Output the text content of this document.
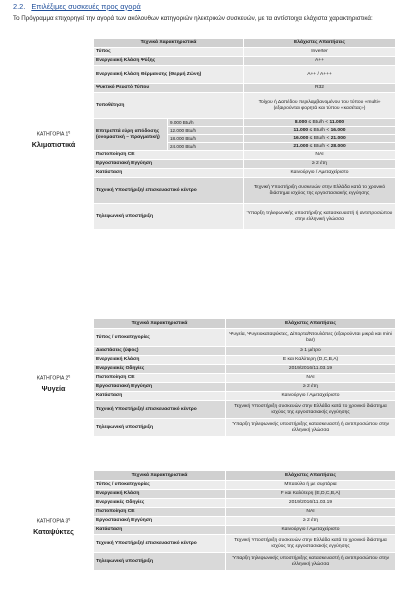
2.2. Επιλέξιμες συσκευές προς αγορά
Το Πρόγραμμα επιχορηγεί την αγορά των ακόλουθων κατηγοριών ηλεκτρικών συσκευών, με τα αντίστοιχα ελάχιστα χαρακτηριστικά:
	Τεχνικά Χαρακτηριστικά		Ελάχιστες Απαιτήσεις

ΚΑΤΗΓΟΡΙΑ $1^\eta$
Κλιματιστικά	Τύπος		Inverter
	Ενεργειακή Κλάση Ψύξης		A++
	Ενεργειακή Κλάση Θέρμανσης (Θερμή Ζώνη)		A++ / A+++
	Ψυκτικό Ρευστό Τύπου		R32
	Τοποθέτηση		Τοίχου ή Δαπέδου περιλαμβανομένου του τύπου «multi» (εξαιρούνται φορητά και τύπου «κασέτας»)
	Επιτρεπτά εύρη απόδοσης (ονομαστική – πραγματική)	9.000 Btu/h	8.000 ≤ Btu/h < 11.000
		12.000 Btu/h	11.000 ≤ Btu/h < 16.000
		18.000 Btu/h	16.000 ≤ Btu/h < 21.000
		24.000 Btu/h	21.000 ≤ Btu/h < 28.000
	Πιστοποίηση CE		ΝΑΙ
	Εργοστασιακή Εγγύηση		≥ 2 έτη
	Κατάσταση		Καινούργιο / Αμεταχείριστο
	Τεχνική Υποστήριξη/ επισκευαστικό κέντρο		Τεχνική Υποστήριξη συσκευών στην Ελλάδα κατά το χρονικό διάστημα ισχύος της εργοστασιακής εγγύησης
	Τηλεφωνική υποστήριξη		Ύπαρξη τηλεφωνικής υποστήριξης κατασκευαστή ή αντιπροσώπου στην ελληνική γλώσσα
	Τεχνικά Χαρακτηριστικά	Ελάχιστες Απαιτήσεις

ΚΑΤΗΓΟΡΙΑ $2^\eta$
Ψυγεία	Τύπος / υποκατηγορίες	Ψυγεία, Ψυγειοκαταψύκτες, Δίπορτα/Ντουλάπες (εξαιρούνται μικρά και mini bar)
	Διαστάσεις (ύψος)	≥ 1 μέτρο
	Ενεργειακή Κλάση	E και Καλύτερη (D,C,B,A)
	Ενεργειακές Οδηγίες	2019/2016/11.03.19
	Πιστοποίηση CE	ΝΑΙ
	Εργοστασιακή Εγγύηση	≥ 2 έτη
	Κατάσταση	Καινούργιο / Αμεταχείριστο
	Τεχνική Υποστήριξη/ επισκευαστικό κέντρο	Τεχνική Υποστήριξη συσκευών στην Ελλάδα κατά το χρονικό διάστημα ισχύος της εργοστασιακής εγγύησης
	Τηλεφωνική υποστήριξη	Ύπαρξη τηλεφωνικής υποστήριξης κατασκευαστή ή αντιπροσώπου στην ελληνική γλώσσα
	Τεχνικά Χαρακτηριστικά	Ελάχιστες Απαιτήσεις

ΚΑΤΗΓΟΡΙΑ $3^\eta$
Καταψύκτες	Τύπος / υποκατηγορίες	Μπαούλο ή με συρτάρια
	Ενεργειακή Κλάση	F και Καλύτερη (E,D,C,B,A)
	Ενεργειακές Οδηγίες	2019/2016/11.03.19
	Πιστοποίηση CE	ΝΑΙ
	Εργοστασιακή Εγγύηση	≥ 2 έτη
	Κατάσταση	Καινούργιο / Αμεταχείριστο
	Τεχνική Υποστήριξη/ επισκευαστικό κέντρο	Τεχνική Υποστήριξη συσκευών στην Ελλάδα κατά το χρονικό διάστημα ισχύος της εργοστασιακής εγγύησης
	Τηλεφωνική υποστήριξη	Ύπαρξη τηλεφωνικής υποστήριξης κατασκευαστή ή αντιπροσώπου στην ελληνική γλώσσα
